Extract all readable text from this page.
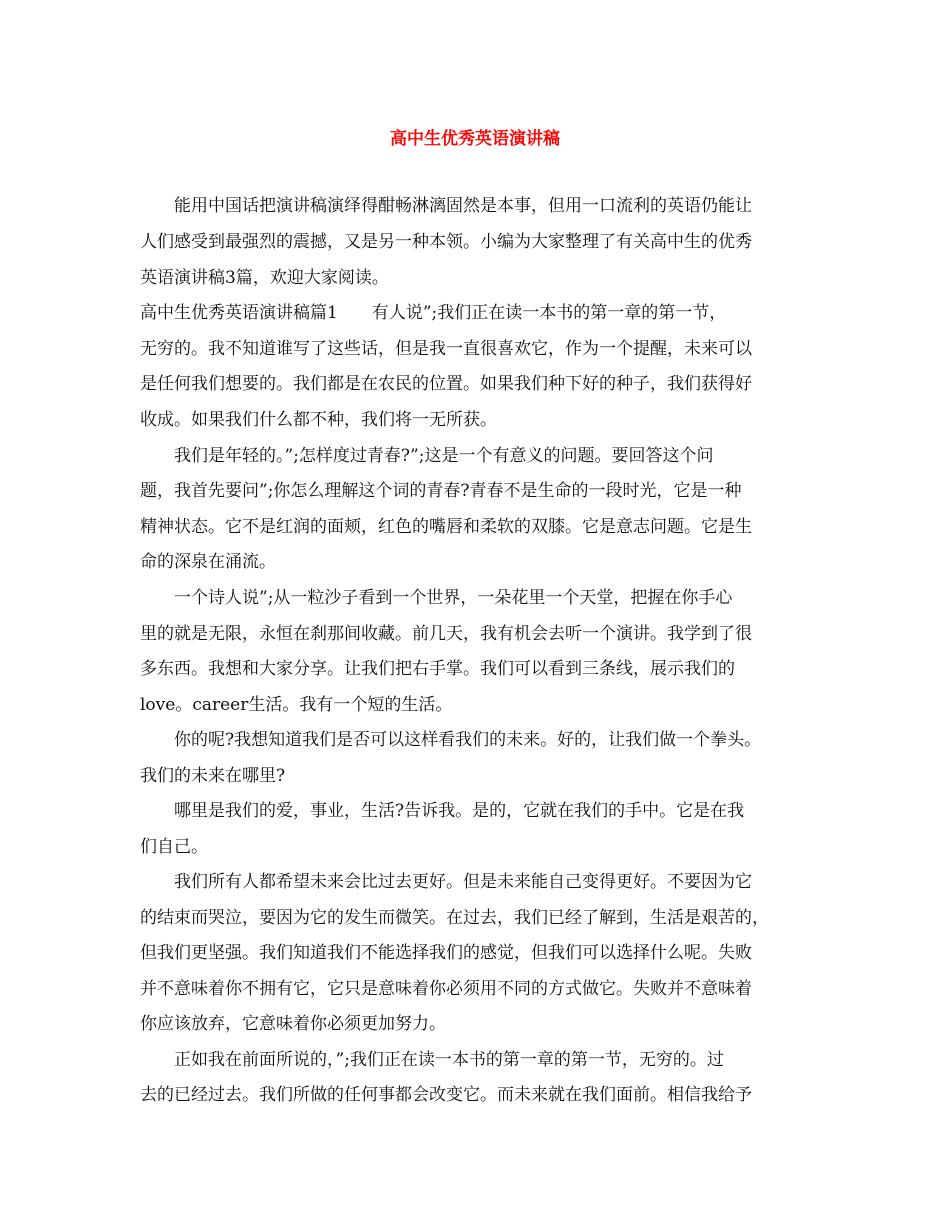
高中生优秀英语演讲稿
　　能用中国话把演讲稿演绎得酣畅淋漓固然是本事，但用一口流利的英语仍能让
人们感受到最强烈的震撼，又是另一种本领。小编为大家整理了有关高中生的优秀
英语演讲稿3篇，欢迎大家阅读。
高中生优秀英语演讲稿篇1　　有人说”;我们正在读一本书的第一章的第一节，
无穷的。我不知道谁写了这些话，但是我一直很喜欢它，作为一个提醒，未来可以
是任何我们想要的。我们都是在农民的位置。如果我们种下好的种子，我们获得好
收成。如果我们什么都不种，我们将一无所获。
　　我们是年轻的。”;怎样度过青春?”;这是一个有意义的问题。要回答这个问
题，我首先要问”;你怎么理解这个词的青春?青春不是生命的一段时光，它是一种
精神状态。它不是红润的面颊，红色的嘴唇和柔软的双膝。它是意志问题。它是生
命的深泉在涌流。
　　一个诗人说”;从一粒沙子看到一个世界，一朵花里一个天堂，把握在你手心
里的就是无限，永恒在刹那间收藏。前几天，我有机会去听一个演讲。我学到了很
多东西。我想和大家分享。让我们把右手掌。我们可以看到三条线，展示我们的
love。career生活。我有一个短的生活。
　　你的呢?我想知道我们是否可以这样看我们的未来。好的，让我们做一个拳头。
我们的未来在哪里?
　　哪里是我们的爱，事业，生活?告诉我。是的，它就在我们的手中。它是在我
们自己。
　　我们所有人都希望未来会比过去更好。但是未来能自己变得更好。不要因为它
的结束而哭泣，要因为它的发生而微笑。在过去，我们已经了解到，生活是艰苦的，
但我们更坚强。我们知道我们不能选择我们的感觉，但我们可以选择什么呢。失败
并不意味着你不拥有它，它只是意味着你必须用不同的方式做它。失败并不意味着
你应该放弃，它意味着你必须更加努力。
　　正如我在前面所说的，”;我们正在读一本书的第一章的第一节，无穷的。过
去的已经过去。我们所做的任何事都会改变它。而未来就在我们面前。相信我给予
